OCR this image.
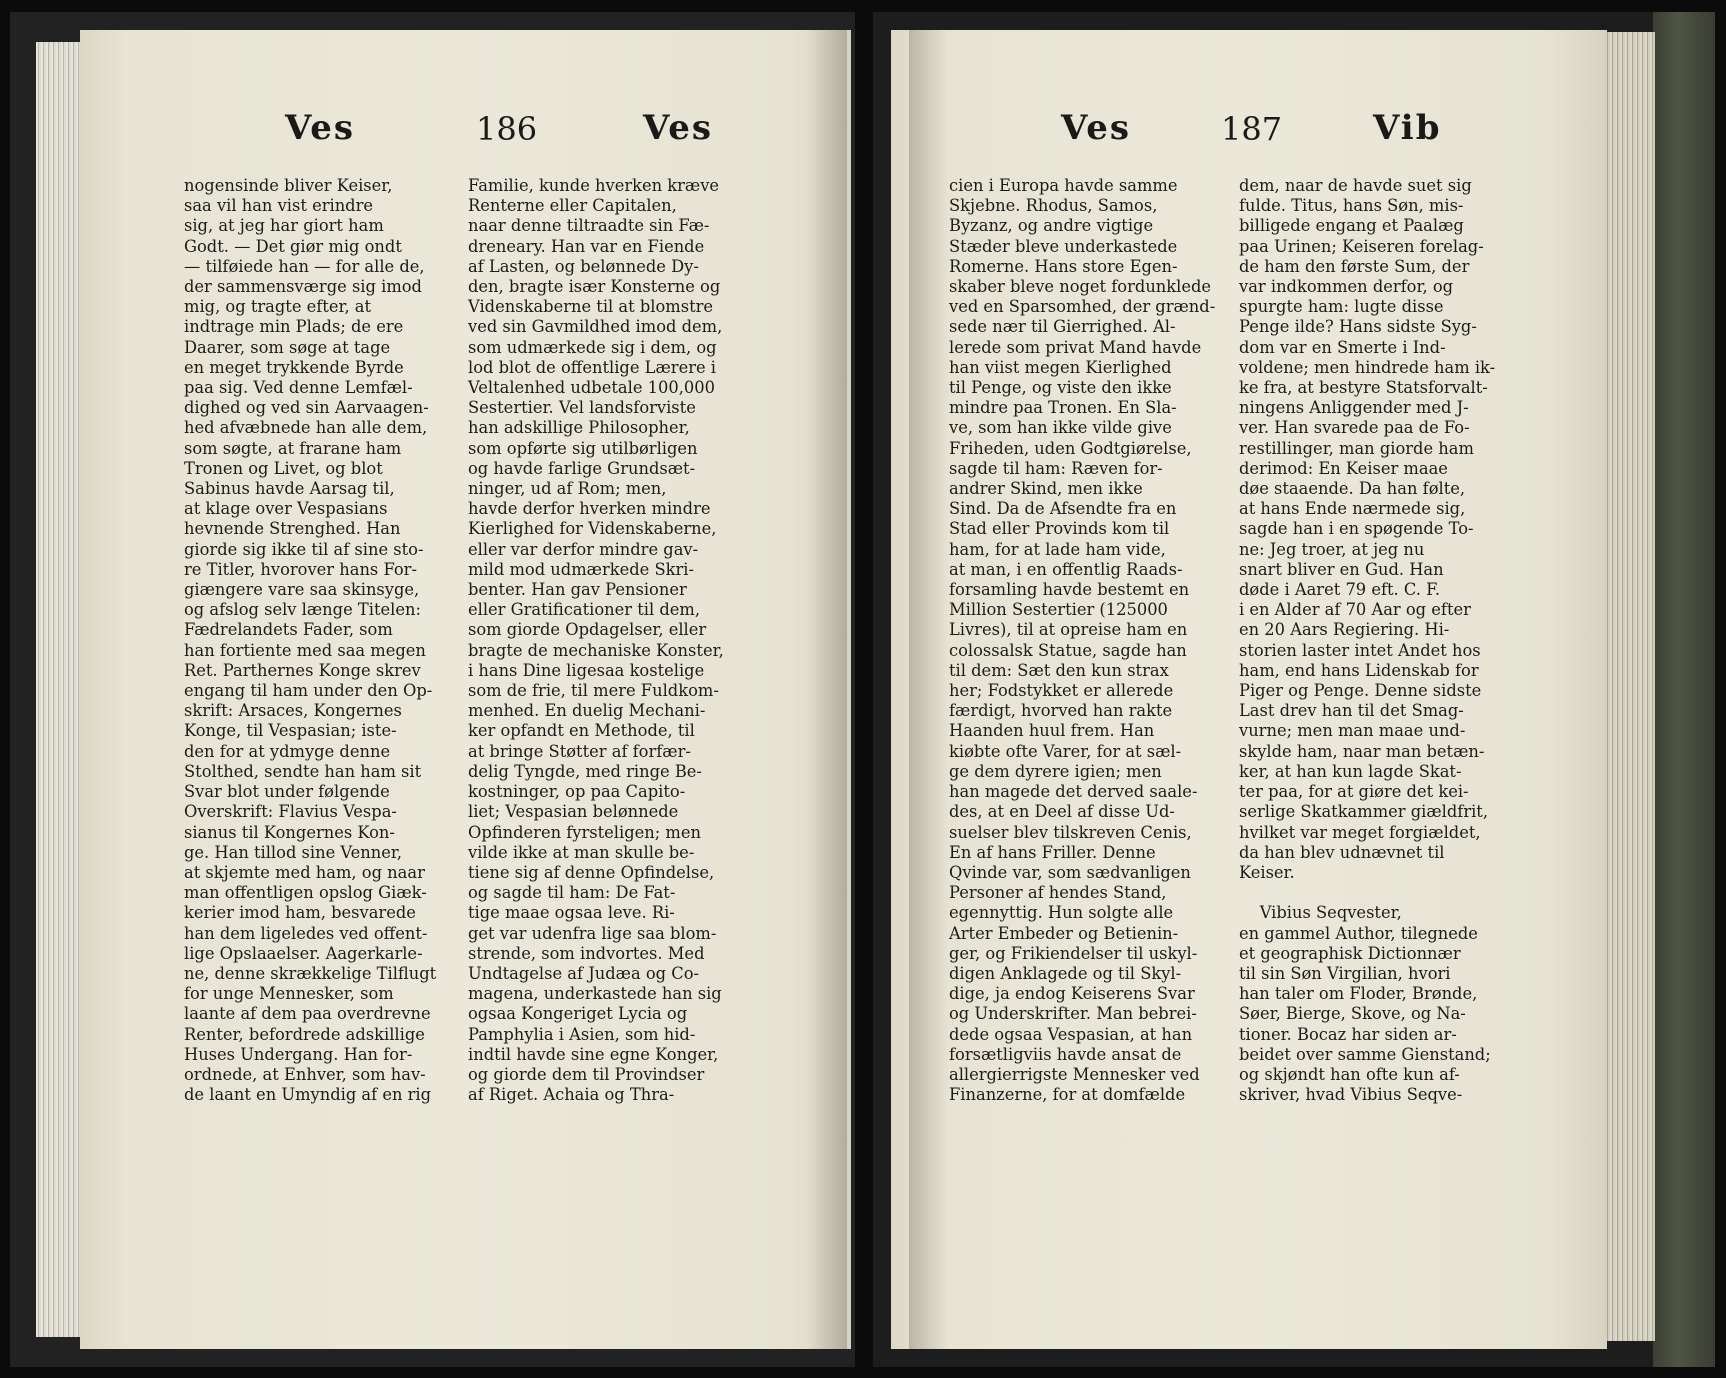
Ves	186	Ves

nogensinde bliver Keiser,

saa vil han vist erindre

sig, at jeg har giort ham

Godt. — Det giør mig ondt

— tilføiede han — for alle de,

der sammensværge sig imod

mig, og tragte efter, at

indtrage min Plads; de ere

Daarer, som søge at tage

en meget trykkende Byrde

paa sig. Ved denne Lemfæl-

dighed og ved sin Aarvaagen-

hed afvæbnede han alle dem,

som søgte, at frarane ham

Tronen og Livet, og blot

Sabinus havde Aarsag til,

at klage over Vespasians

hevnende Strenghed. Han

giorde sig ikke til af sine sto-

re Titler, hvorover hans For-

giængere vare saa skinsyge,

og afslog selv længe Titelen:

Fædrelandets Fader, som

han fortiente med saa megen

Ret. Parthernes Konge skrev

engang til ham under den Op-

skrift: Arsaces, Kongernes

Konge, til Vespasian; iste-

den for at ydmyge denne

Stolthed, sendte han ham sit

Svar blot under følgende

Overskrift: Flavius Vespa-

sianus til Kongernes Kon-

ge. Han tillod sine Venner,

at skjemte med ham, og naar

man offentligen opslog Giæk-

kerier imod ham, besvarede

han dem ligeledes ved offent-

lige Opslaaelser. Aagerkarle-

ne, denne skrækkelige Tilflugt

for unge Mennesker, som

laante af dem paa overdrevne

Renter, befordrede adskillige

Huses Undergang. Han for-

ordnede, at Enhver, som hav-

de laant en Umyndig af en rig

Familie, kunde hverken kræve

Renterne eller Capitalen,

naar denne tiltraadte sin Fæ-

dreneary. Han var en Fiende

af Lasten, og belønnede Dy-

den, bragte især Konsterne og

Videnskaberne til at blomstre

ved sin Gavmildhed imod dem,

som udmærkede sig i dem, og

lod blot de offentlige Lærere i

Veltalenhed udbetale 100,000

Sestertier. Vel landsforviste

han adskillige Philosopher,

som opførte sig utilbørligen

og havde farlige Grundsæt-

ninger, ud af Rom; men,

havde derfor hverken mindre

Kierlighed for Videnskaberne,

eller var derfor mindre gav-

mild mod udmærkede Skri-

benter. Han gav Pensioner

eller Gratificationer til dem,

som giorde Opdagelser, eller

bragte de mechaniske Konster,

i hans Dine ligesaa kostelige

som de frie, til mere Fuldkom-

menhed. En duelig Mechani-

ker opfandt en Methode, til

at bringe Støtter af forfær-

delig Tyngde, med ringe Be-

kostninger, op paa Capito-

liet; Vespasian belønnede

Opfinderen fyrsteligen; men

vilde ikke at man skulle be-

tiene sig af denne Opfindelse,

og sagde til ham: De Fat-

tige maae ogsaa leve. Ri-

get var udenfra lige saa blom-

strende, som indvortes. Med

Undtagelse af Judæa og Co-

magena, underkastede han sig

ogsaa Kongeriget Lycia og

Pamphylia i Asien, som hid-

indtil havde sine egne Konger,

og giorde dem til Provindser

af Riget. Achaia og Thra-

Ves	187	Vib

cien i Europa havde samme

Skjebne. Rhodus, Samos,

Byzanz, og andre vigtige

Stæder bleve underkastede

Romerne. Hans store Egen-

skaber bleve noget fordunklede

ved en Sparsomhed, der grænd-

sede nær til Gierrighed. Al-

lerede som privat Mand havde

han viist megen Kierlighed

til Penge, og viste den ikke

mindre paa Tronen. En Sla-

ve, som han ikke vilde give

Friheden, uden Godtgiørelse,

sagde til ham: Ræven for-

andrer Skind, men ikke

Sind. Da de Afsendte fra en

Stad eller Provinds kom til

ham, for at lade ham vide,

at man, i en offentlig Raads-

forsamling havde bestemt en

Million Sestertier (125000

Livres), til at opreise ham en

colossalsk Statue, sagde han

til dem: Sæt den kun strax

her; Fodstykket er allerede

færdigt, hvorved han rakte

Haanden huul frem. Han

kiøbte ofte Varer, for at sæl-

ge dem dyrere igien; men

han magede det derved saale-

des, at en Deel af disse Ud-

suelser blev tilskreven Cenis,

En af hans Friller. Denne

Qvinde var, som sædvanligen

Personer af hendes Stand,

egennyttig. Hun solgte alle

Arter Embeder og Betienin-

ger, og Frikiendelser til uskyl-

digen Anklagede og til Skyl-

dige, ja endog Keiserens Svar

og Underskrifter. Man bebrei-

dede ogsaa Vespasian, at han

forsætligviis havde ansat de

allergierrigste Mennesker ved

Finanzerne, for at domfælde

dem, naar de havde suet sig

fulde. Titus, hans Søn, mis-

billigede engang et Paalæg

paa Urinen; Keiseren forelag-

de ham den første Sum, der

var indkommen derfor, og

spurgte ham: lugte disse

Penge ilde? Hans sidste Syg-

dom var en Smerte i Ind-

voldene; men hindrede ham ik-

ke fra, at bestyre Statsforvalt-

ningens Anliggender med J-

ver. Han svarede paa de Fo-

restillinger, man giorde ham

derimod: En Keiser maae

døe staaende. Da han følte,

at hans Ende nærmede sig,

sagde han i en spøgende To-

ne: Jeg troer, at jeg nu

snart bliver en Gud. Han

døde i Aaret 79 eft. C. F.

i en Alder af 70 Aar og efter

en 20 Aars Regiering. Hi-

storien laster intet Andet hos

ham, end hans Lidenskab for

Piger og Penge. Denne sidste

Last drev han til det Smag-

vurne; men man maae und-

skylde ham, naar man betæn-

ker, at han kun lagde Skat-

ter paa, for at giøre det kei-

serlige Skatkammer giældfrit,

hvilket var meget forgiældet,

da han blev udnævnet til

Keiser.

Vibius Seqvester,

en gammel Author, tilegnede

et geographisk Dictionnær

til sin Søn Virgilian, hvori

han taler om Floder, Brønde,

Søer, Bierge, Skove, og Na-

tioner. Bocaz har siden ar-

beidet over samme Gienstand;

og skjøndt han ofte kun af-

skriver, hvad Vibius Seqve-
